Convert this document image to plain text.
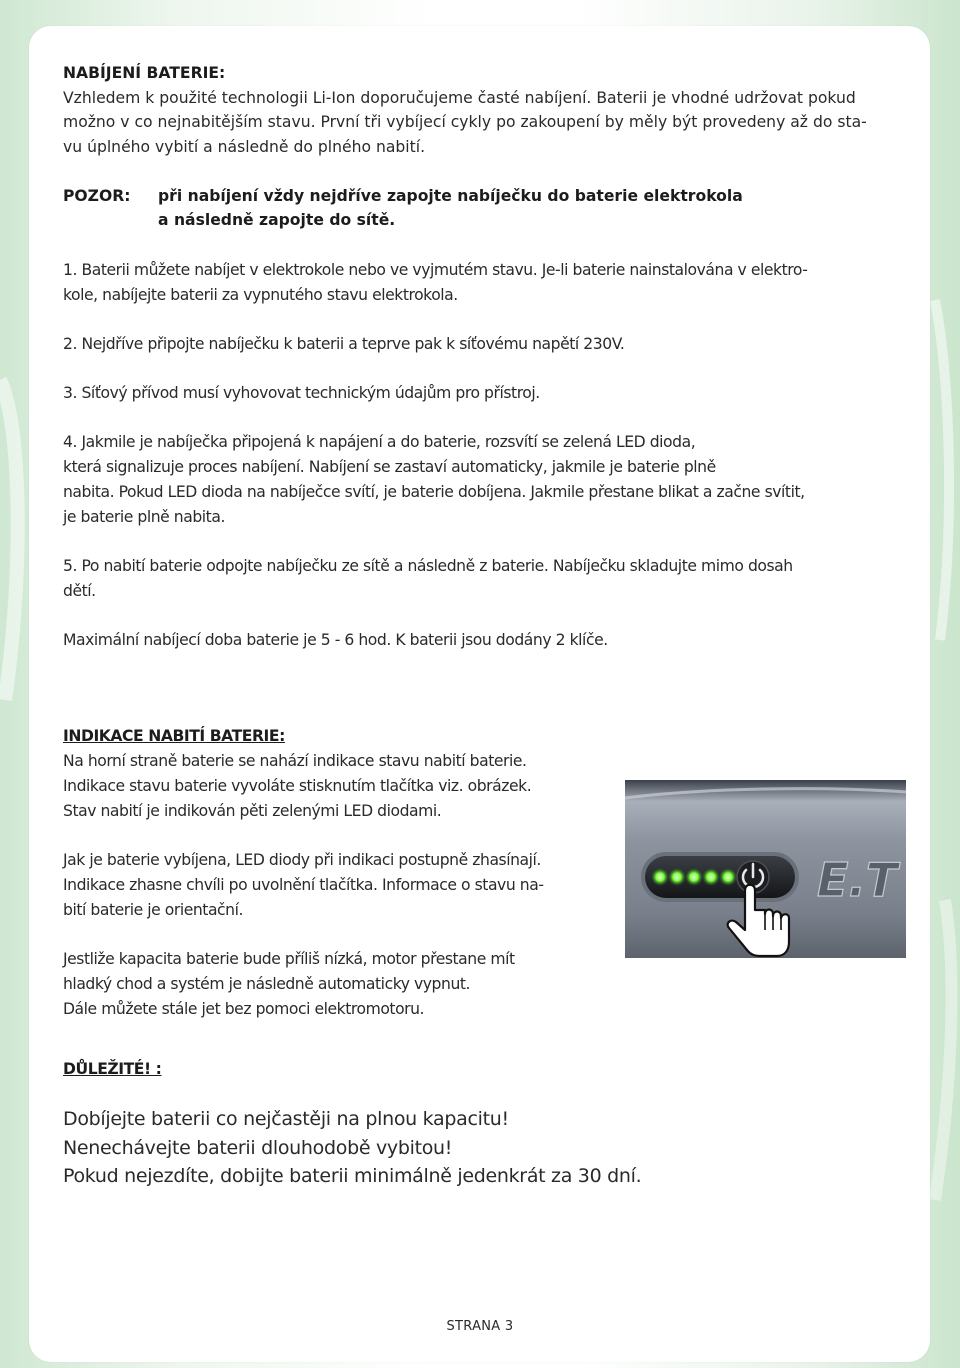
NABÍJENÍ BATERIE:
Vzhledem k použité technologii Li-Ion doporučujeme časté nabíjení. Baterii je vhodné udržovat pokud
možno v co nejnabitějším stavu. První tři vybíjecí cykly po zakoupení by měly být provedeny až do sta-
vu úplného vybití a následně do plného nabití.
POZOR: při nabíjení vždy nejdříve zapojte nabíječku do baterie elektrokola
a následně zapojte do sítě.
1. Baterii můžete nabíjet v elektrokole nebo ve vyjmutém stavu. Je-li baterie nainstalována v elektro-
kole, nabíjejte baterii za vypnutého stavu elektrokola.
2. Nejdříve připojte nabíječku k baterii a teprve pak k síťovému napětí 230V.
3. Síťový přívod musí vyhovovat technickým údajům pro přístroj.
4. Jakmile je nabíječka připojená k napájení a do baterie, rozsvítí se zelená LED dioda,
která signalizuje proces nabíjení. Nabíjení se zastaví automaticky, jakmile je baterie plně
nabita. Pokud LED dioda na nabíječce svítí, je baterie dobíjena. Jakmile přestane blikat a začne svítit,
je baterie plně nabita.
5. Po nabití baterie odpojte nabíječku ze sítě a následně z baterie. Nabíječku skladujte mimo dosah
dětí.
Maximální nabíjecí doba baterie je 5 - 6 hod. K baterii jsou dodány 2 klíče.
INDIKACE NABITÍ BATERIE:
Na horní straně baterie se nahází indikace stavu nabití baterie.
Indikace stavu baterie vyvoláte stisknutím tlačítka viz. obrázek.
Stav nabití je indikován pěti zelenými LED diodami.
Jak je baterie vybíjena, LED diody při indikaci postupně zhasínají.
Indikace zhasne chvíli po uvolnění tlačítka. Informace o stavu na-
bití baterie je orientační.
Jestliže kapacita baterie bude příliš nízká, motor přestane mít
hladký chod a systém je následně automaticky vypnut.
Dále můžete stále jet bez pomoci elektromotoru.
E.T
DŮLEŽITÉ! :
Dobíjejte baterii co nejčastěji na plnou kapacitu!
Nenechávejte baterii dlouhodobě vybitou!
Pokud nejezdíte, dobijte baterii minimálně jedenkrát za 30 dní.
STRANA 3
